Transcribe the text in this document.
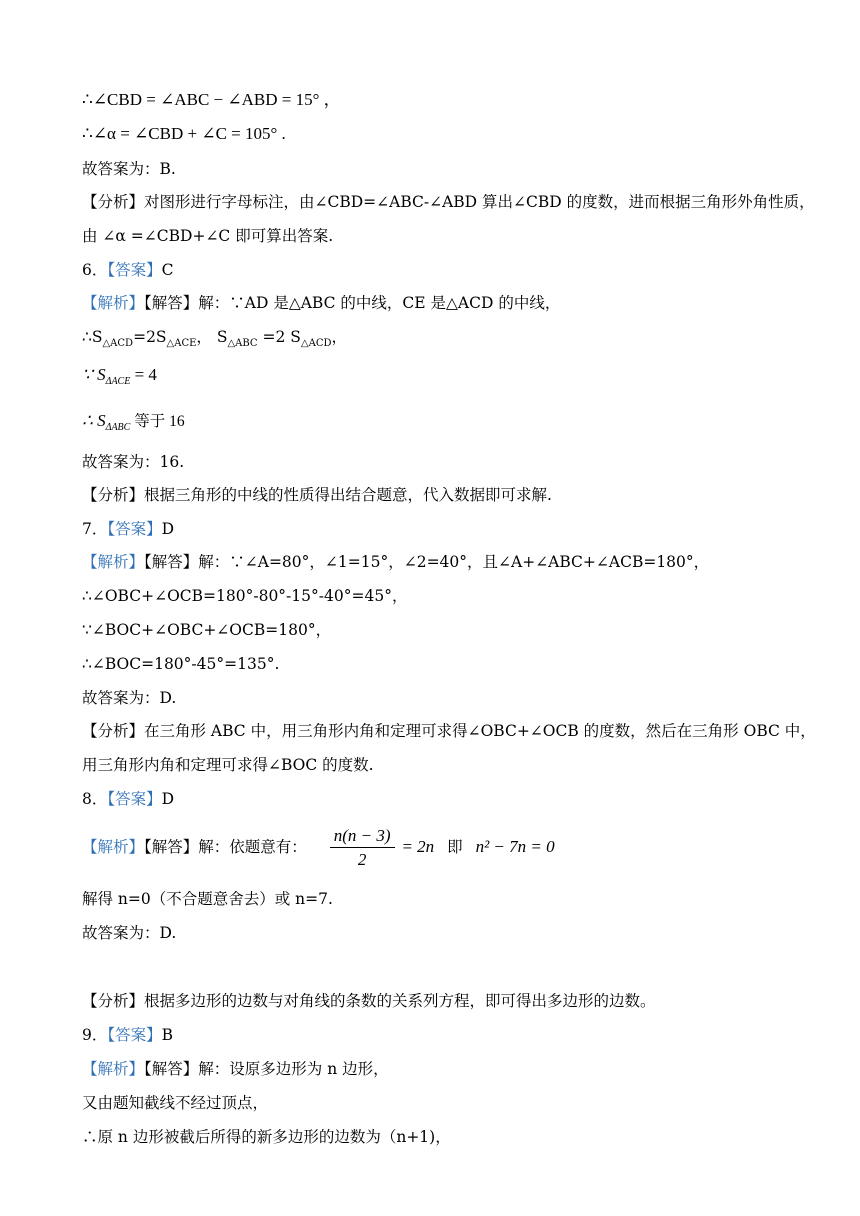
∴∠CBD = ∠ABC − ∠ABD = 15° ，
∴∠α = ∠CBD + ∠C = 105° .
故答案为：B.
【分析】对图形进行字母标注，由∠CBD=∠ABC-∠ABD 算出∠CBD 的度数，进而根据三角形外角性质，
由 ∠α =∠CBD+∠C 即可算出答案.
6．【答案】C
【解析】【解答】解：∵AD 是△ABC 的中线，CE 是△ACD 的中线，
$\therefore S_{\triangle ACD}=2S_{\triangle ACE}$， $S_{\triangle ABC} =2$ $S_{\triangle ACD}$，
∵ $S_{\Delta ACE} = 4$
∴ $S_{\Delta ABC}$ 等于 16
故答案为：16.
【分析】根据三角形的中线的性质得出结合题意，代入数据即可求解.
7．【答案】D
【解析】【解答】解：∵∠A=80°，∠1=15°，∠2=40°，且∠A+∠ABC+∠ACB=180°，
∴∠OBC+∠OCB=180°-80°-15°-40°=45°，
∵∠BOC+∠OBC+∠OCB=180°，
∴∠BOC=180°-45°=135°.
故答案为：D.
【分析】在三角形 ABC 中，用三角形内角和定理可求得∠OBC+∠OCB 的度数，然后在三角形 OBC 中，
用三角形内角和定理可求得∠BOC 的度数.
8．【答案】D
【解析】【解答】解：依题意有： $\frac{n(n - 3)}{2} = 2n$ 即 n² − 7n = 0
解得 n=0（不合题意舍去）或 n=7.
故答案为：D.
【分析】根据多边形的边数与对角线的条数的关系列方程，即可得出多边形的边数。
9．【答案】B
【解析】【解答】解：设原多边形为 n 边形，
又由题知截线不经过顶点，
∴原 n 边形被截后所得的新多边形的边数为（n+1)，
